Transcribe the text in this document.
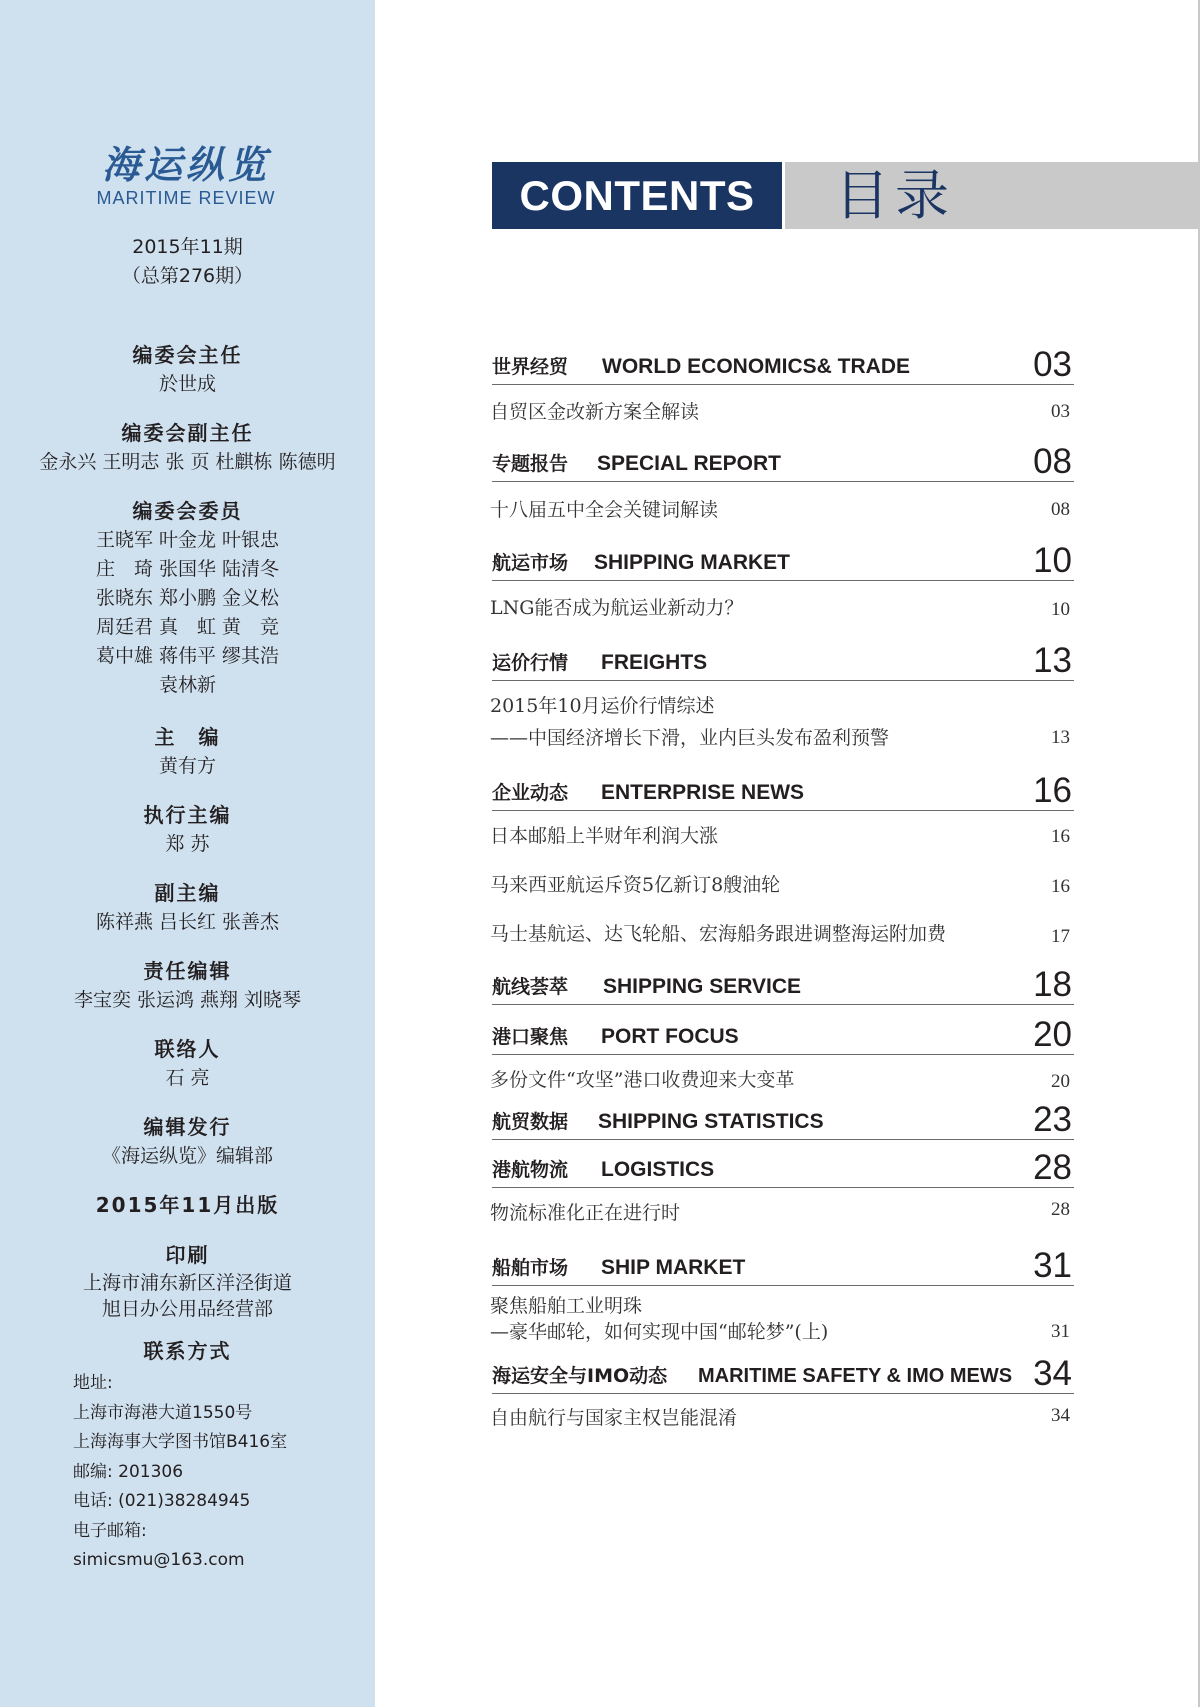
海运纵览
MARITIME REVIEW
2015年11期
（总第276期）
编委会主任
於世成
编委会副主任
金永兴 王明志 张 页 杜麒栋 陈德明
编委会委员
王晓军 叶金龙 叶银忠
庄　琦 张国华 陆清冬
张晓东 郑小鹏 金义松
周廷君 真　虹 黄　竞
葛中雄 蒋伟平 缪其浩
袁林新
主　编
黄有方
执行主编
郑 苏
副主编
陈祥燕 吕长红 张善杰
责任编辑
李宝奕 张运鸿 燕翔 刘晓琴
联络人
石 亮
编辑发行
《海运纵览》编辑部
2015年11月出版
印刷
上海市浦东新区洋泾街道
旭日办公用品经营部
联系方式
地址:
上海市海港大道1550号
上海海事大学图书馆B416室
邮编: 201306
电话: (021)38284945
电子邮箱:
simicsmu@163.com
CONTENTS	目录
世界经贸 WORLD ECONOMICS& TRADE	03
自贸区金改新方案全解读	03
专题报告 SPECIAL REPORT	08
十八届五中全会关键词解读	08
航运市场 SHIPPING MARKET	10
LNG能否成为航运业新动力？	10
运价行情 FREIGHTS	13
2015年10月运价行情综述
——中国经济增长下滑，业内巨头发布盈利预警	13
企业动态 ENTERPRISE NEWS	16
日本邮船上半财年利润大涨	16
马来西亚航运斥资5亿新订8艘油轮	16
马士基航运、达飞轮船、宏海船务跟进调整海运附加费	17
航线荟萃 SHIPPING SERVICE	18
港口聚焦 PORT FOCUS	20
多份文件“攻坚”港口收费迎来大变革	20
航贸数据 SHIPPING STATISTICS	23
港航物流 LOGISTICS	28
物流标准化正在进行时	28
船舶市场 SHIP MARKET	31
聚焦船舶工业明珠
—豪华邮轮，如何实现中国“邮轮梦”(上)	31
海运安全与IMO动态 MARITIME SAFETY & IMO MEWS 34
自由航行与国家主权岂能混淆	34
